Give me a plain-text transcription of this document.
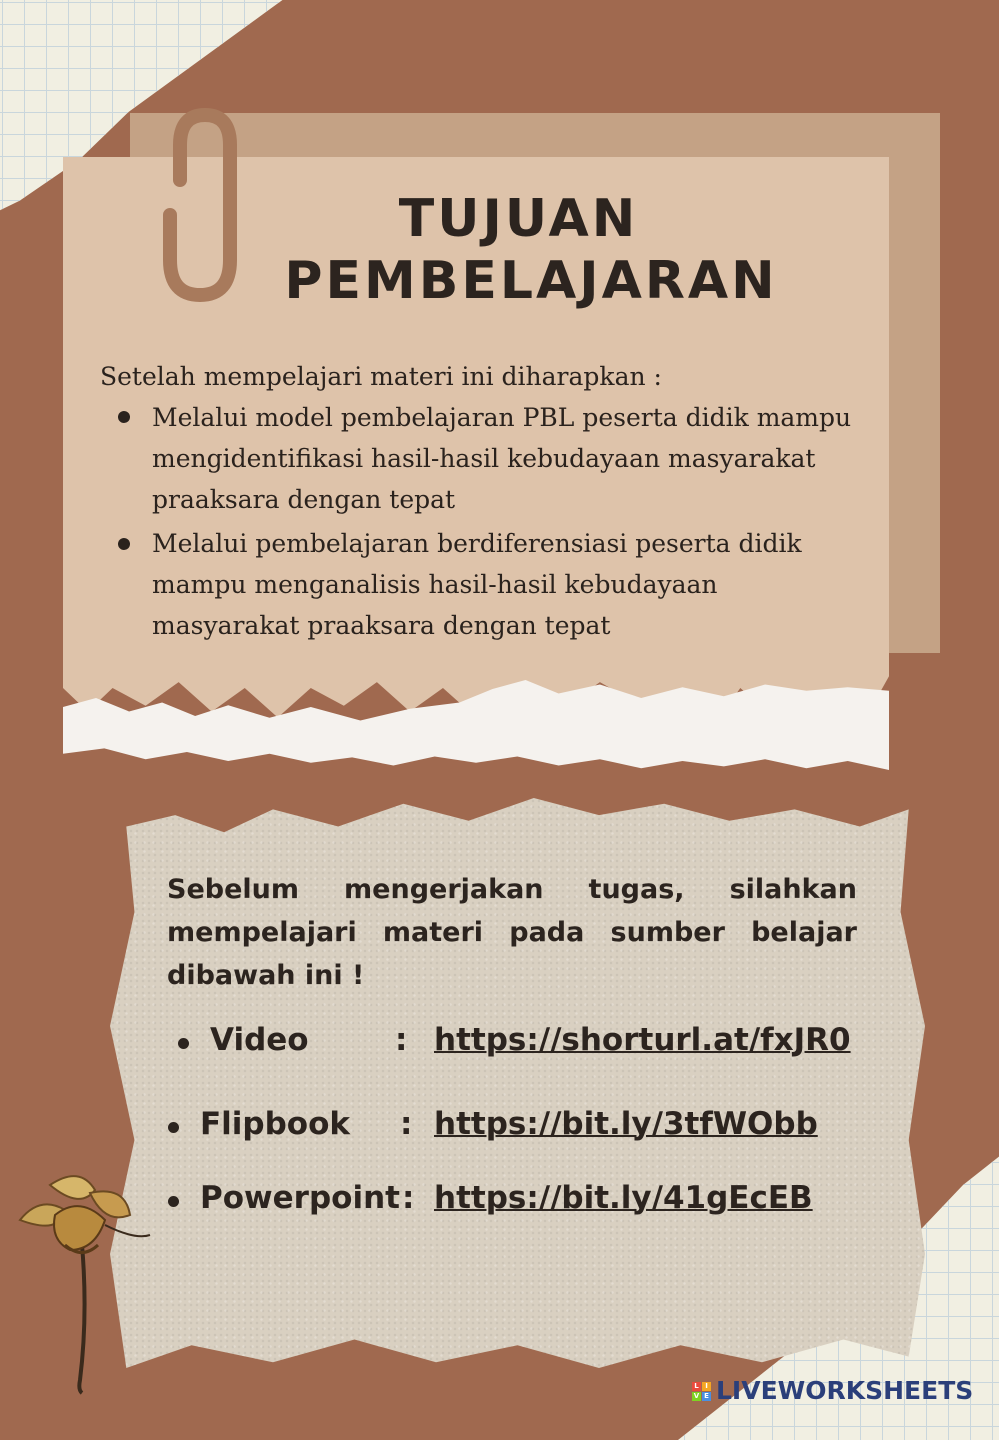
TUJUAN
PEMBELAJARAN
Setelah mempelajari materi ini diharapkan :
Melalui model pembelajaran PBL peserta didik mampu mengidentifikasi hasil-hasil kebudayaan masyarakat praaksara dengan tepat
Melalui pembelajaran berdiferensiasi peserta didik mampu menganalisis hasil-hasil kebudayaan masyarakat praaksara dengan tepat
Sebelum mengerjakan tugas, silahkan mempelajari materi pada sumber belajar dibawah ini !
Video	: https://shorturl.at/fxJR0
Flipbook : https://bit.ly/3tfWObb
Powerpoint : https://bit.ly/41gEcEB
L I
V E LIVEWORKSHEETS
